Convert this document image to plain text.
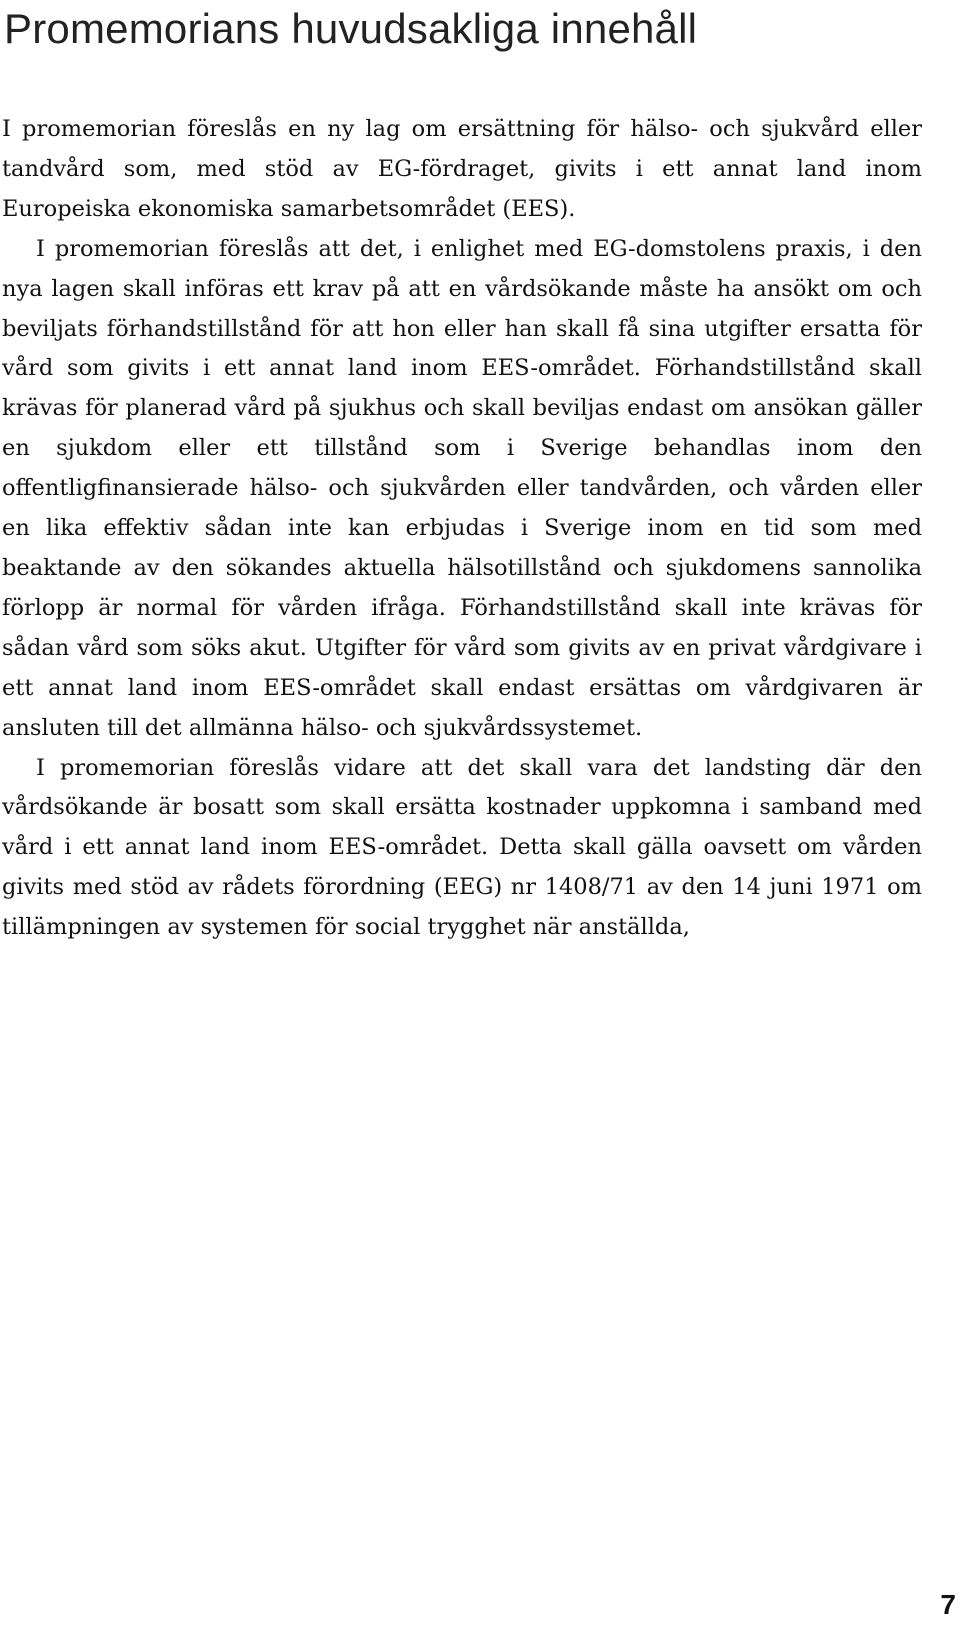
Promemorians huvudsakliga innehåll

I promemorian föreslås en ny lag om ersättning för hälso- och sjukvård eller tandvård som, med stöd av EG-fördraget, givits i ett annat land inom Europeiska ekonomiska samarbetsområdet (EES).

I promemorian föreslås att det, i enlighet med EG-domstolens praxis, i den nya lagen skall införas ett krav på att en vårdsökande måste ha ansökt om och beviljats förhandstillstånd för att hon eller han skall få sina utgifter ersatta för vård som givits i ett annat land inom EES-området. Förhandstillstånd skall krävas för planerad vård på sjukhus och skall beviljas endast om ansökan gäller en sjukdom eller ett tillstånd som i Sverige behandlas inom den offentligfinansierade hälso- och sjukvården eller tandvården, och vården eller en lika effektiv sådan inte kan erbjudas i Sverige inom en tid som med beaktande av den sökandes aktuella hälsotillstånd och sjukdomens sannolika förlopp är normal för vården ifråga. Förhandstillstånd skall inte krävas för sådan vård som söks akut. Utgifter för vård som givits av en privat vårdgivare i ett annat land inom EES-området skall endast ersättas om vårdgivaren är ansluten till det allmänna hälso- och sjukvårdssystemet.

I promemorian föreslås vidare att det skall vara det landsting där den vårdsökande är bosatt som skall ersätta kostnader uppkomna i samband med vård i ett annat land inom EES-området. Detta skall gälla oavsett om vården givits med stöd av rådets förordning (EEG) nr 1408/71 av den 14 juni 1971 om tillämpningen av systemen för social trygghet när anställda,

7
